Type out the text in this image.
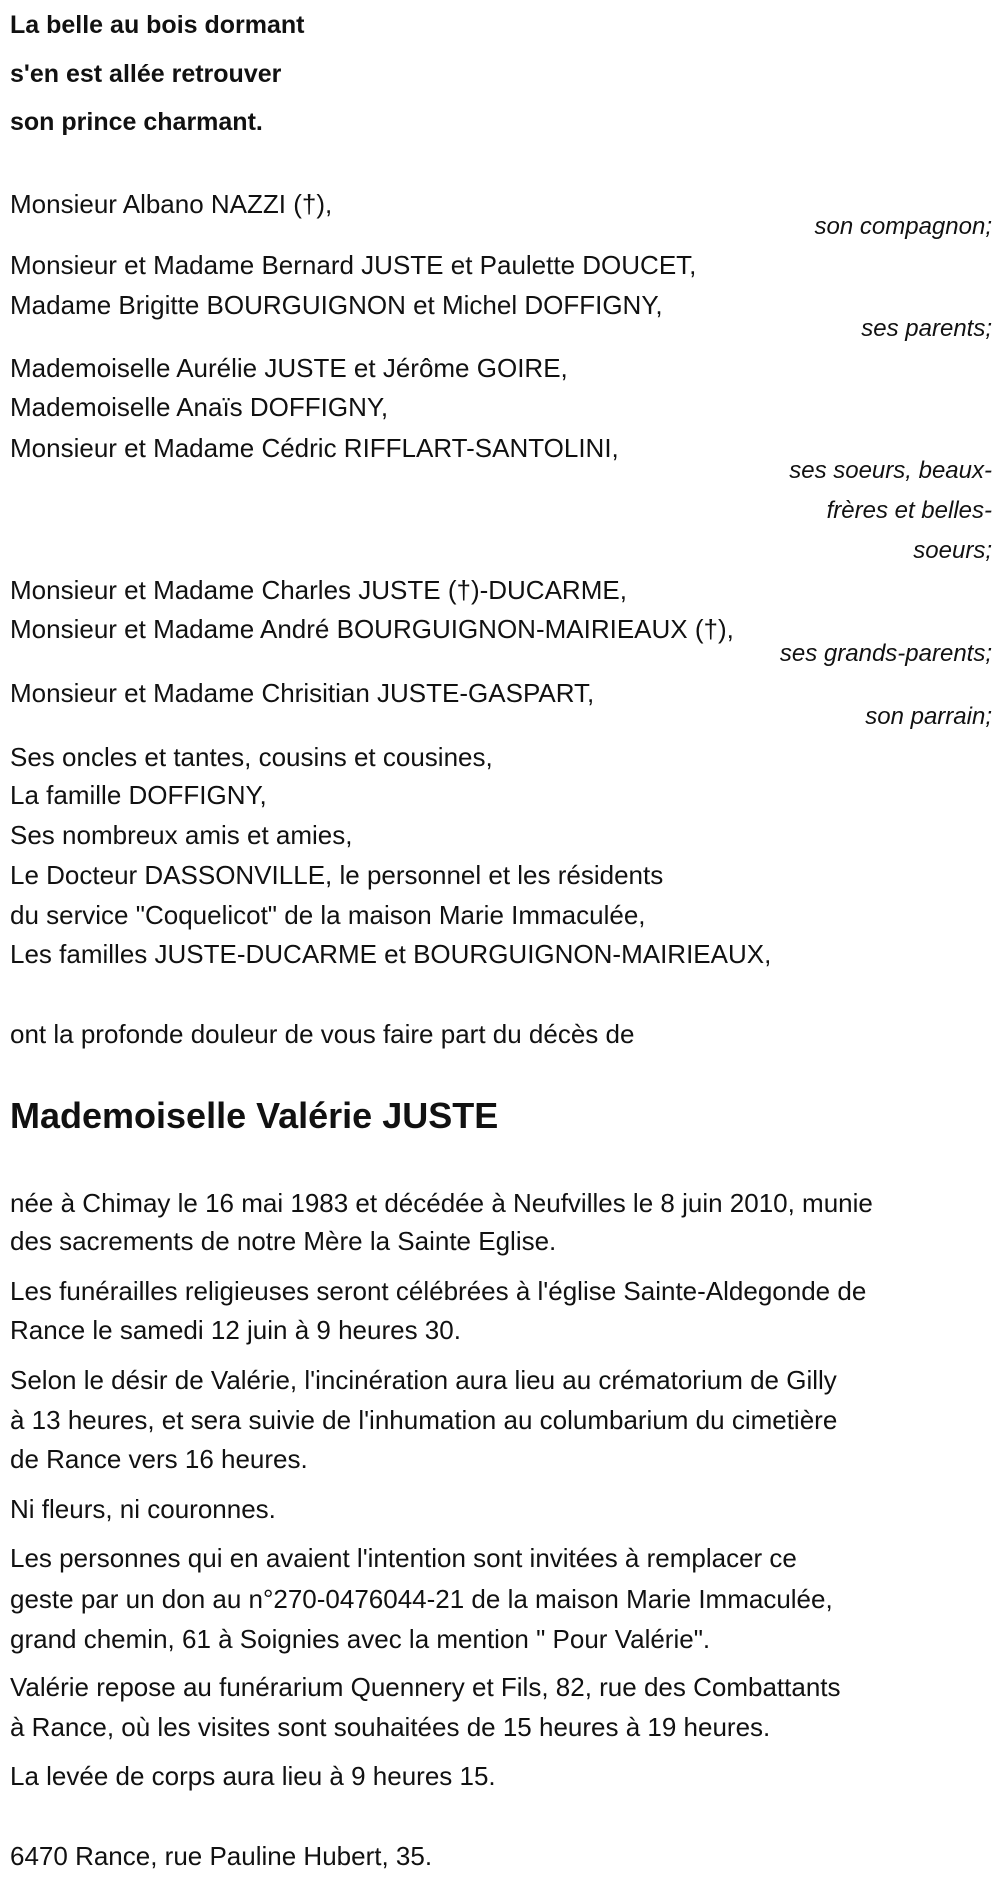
La belle au bois dormant
s'en est allée retrouver
son prince charmant.
Monsieur Albano NAZZI (†),
son compagnon;
Monsieur et Madame Bernard JUSTE et Paulette DOUCET,
Madame Brigitte BOURGUIGNON et Michel DOFFIGNY,
ses parents;
Mademoiselle Aurélie JUSTE et Jérôme GOIRE,
Mademoiselle Anaïs DOFFIGNY,
Monsieur et Madame Cédric RIFFLART-SANTOLINI,
ses soeurs, beaux-
frères et belles-
soeurs;
Monsieur et Madame Charles JUSTE (†)-DUCARME,
Monsieur et Madame André BOURGUIGNON-MAIRIEAUX (†),
ses grands-parents;
Monsieur et Madame Chrisitian JUSTE-GASPART,
son parrain;
Ses oncles et tantes, cousins et cousines,
La famille DOFFIGNY,
Ses nombreux amis et amies,
Le Docteur DASSONVILLE, le personnel et les résidents
du service "Coquelicot" de la maison Marie Immaculée,
Les familles JUSTE-DUCARME et BOURGUIGNON-MAIRIEAUX,
ont la profonde douleur de vous faire part du décès de
Mademoiselle Valérie JUSTE
née à Chimay le 16 mai 1983 et décédée à Neufvilles le 8 juin 2010, munie
des sacrements de notre Mère la Sainte Eglise.
Les funérailles religieuses seront célébrées à l'église Sainte-Aldegonde de
Rance le samedi 12 juin à 9 heures 30.
Selon le désir de Valérie, l'incinération aura lieu au crématorium de Gilly
à 13 heures, et sera suivie de l'inhumation au columbarium du cimetière
de Rance vers 16 heures.
Ni fleurs, ni couronnes.
Les personnes qui en avaient l'intention sont invitées à remplacer ce
geste par un don au n°270-0476044-21 de la maison Marie Immaculée,
grand chemin, 61 à Soignies avec la mention " Pour Valérie".
Valérie repose au funérarium Quennery et Fils, 82, rue des Combattants
à Rance, où les visites sont souhaitées de 15 heures à 19 heures.
La levée de corps aura lieu à 9 heures 15.
6470 Rance, rue Pauline Hubert, 35.
